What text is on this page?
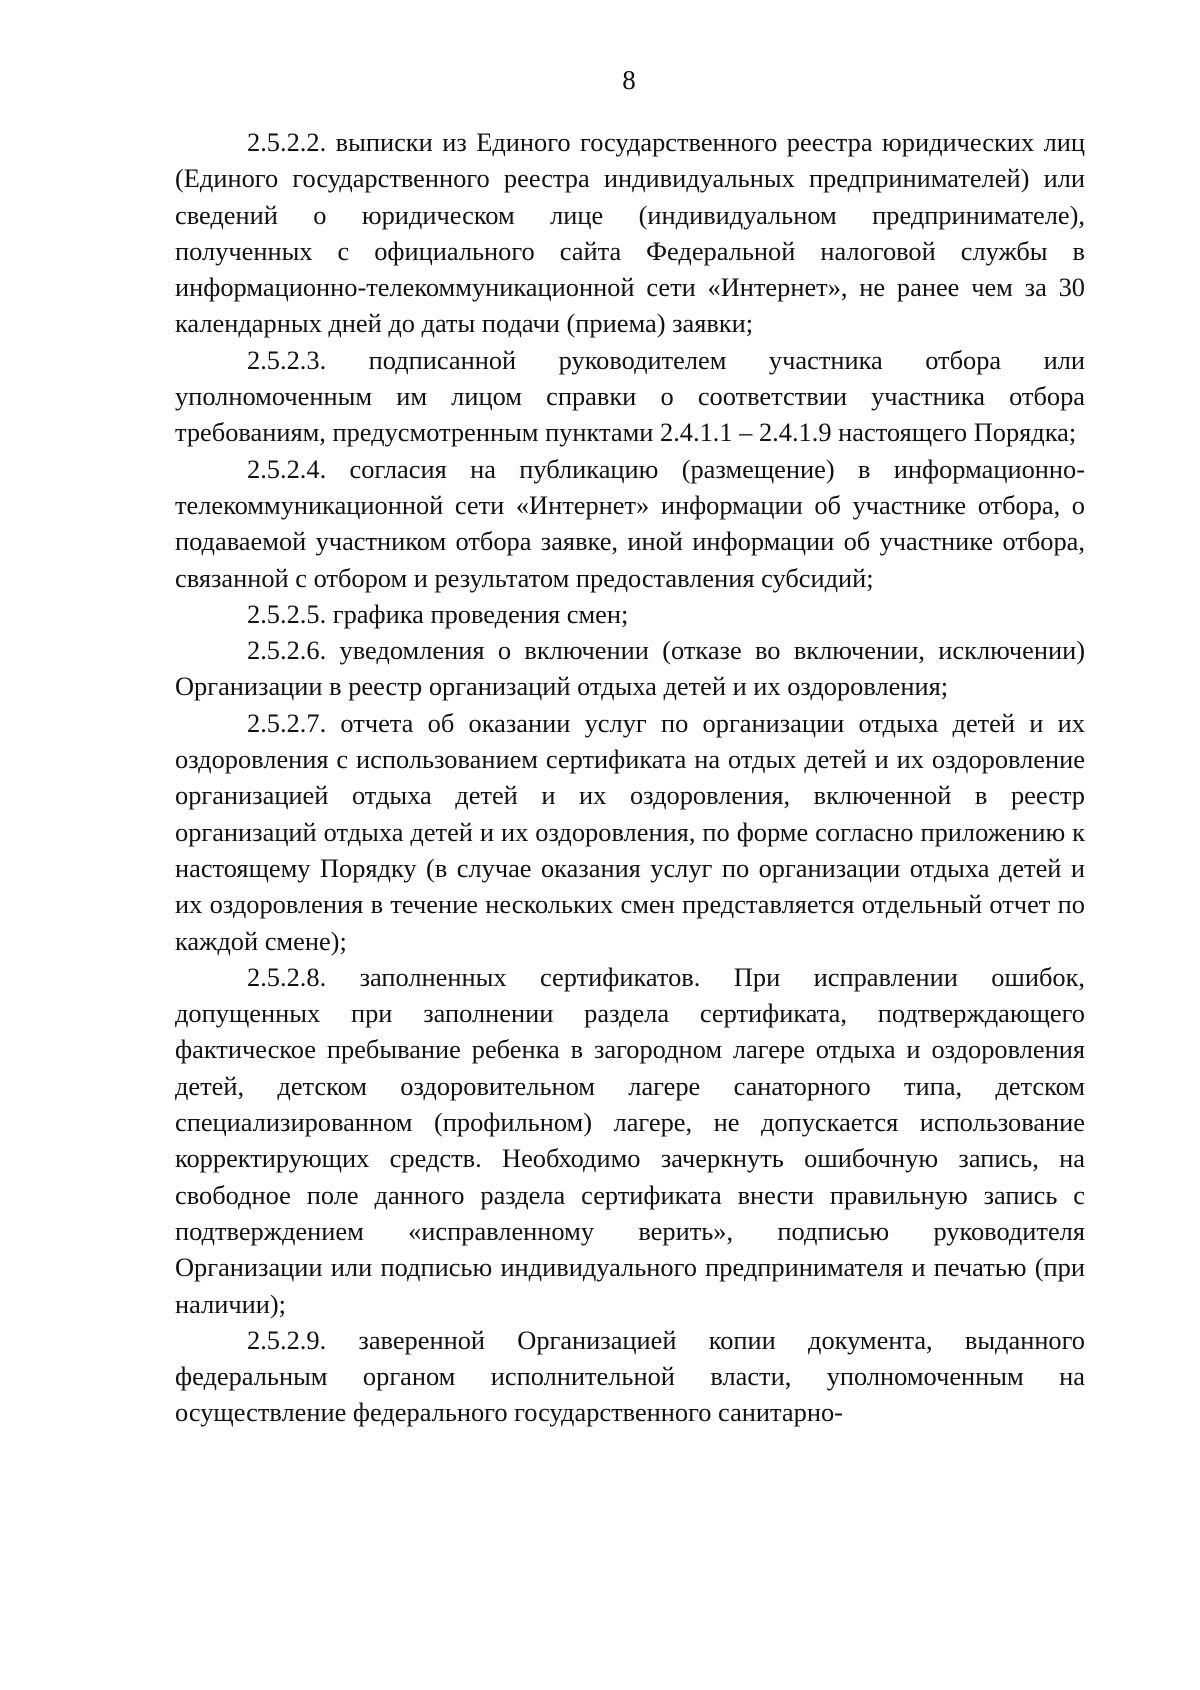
8

2.5.2.2. выписки из Единого государственного реестра юридических лиц (Единого государственного реестра индивидуальных предпринимателей) или сведений о юридическом лице (индивидуальном предпринимателе), полученных с официального сайта Федеральной налоговой службы в информационно-телекоммуникационной сети «Интернет», не ранее чем за 30 календарных дней до даты подачи (приема) заявки;

2.5.2.3. подписанной руководителем участника отбора или уполномоченным им лицом справки о соответствии участника отбора требованиям, предусмотренным пунктами 2.4.1.1 – 2.4.1.9 настоящего Порядка;

2.5.2.4. согласия на публикацию (размещение) в информационно-телекоммуникационной сети «Интернет» информации об участнике отбора, о подаваемой участником отбора заявке, иной информации об участнике отбора, связанной с отбором и результатом предоставления субсидий;

2.5.2.5. графика проведения смен;

2.5.2.6. уведомления о включении (отказе во включении, исключении) Организации в реестр организаций отдыха детей и их оздоровления;

2.5.2.7. отчета об оказании услуг по организации отдыха детей и их оздоровления с использованием сертификата на отдых детей и их оздоровление организацией отдыха детей и их оздоровления, включенной в реестр организаций отдыха детей и их оздоровления, по форме согласно приложению к настоящему Порядку (в случае оказания услуг по организации отдыха детей и их оздоровления в течение нескольких смен представляется отдельный отчет по каждой смене);

2.5.2.8. заполненных сертификатов. При исправлении ошибок, допущенных при заполнении раздела сертификата, подтверждающего фактическое пребывание ребенка в загородном лагере отдыха и оздоровления детей, детском оздоровительном лагере санаторного типа, детском специализированном (профильном) лагере, не допускается использование корректирующих средств. Необходимо зачеркнуть ошибочную запись, на свободное поле данного раздела сертификата внести правильную запись с подтверждением «исправленному верить», подписью руководителя Организации или подписью индивидуального предпринимателя и печатью (при наличии);

2.5.2.9. заверенной Организацией копии документа, выданного федеральным органом исполнительной власти, уполномоченным на осуществление федерального государственного санитарно-
